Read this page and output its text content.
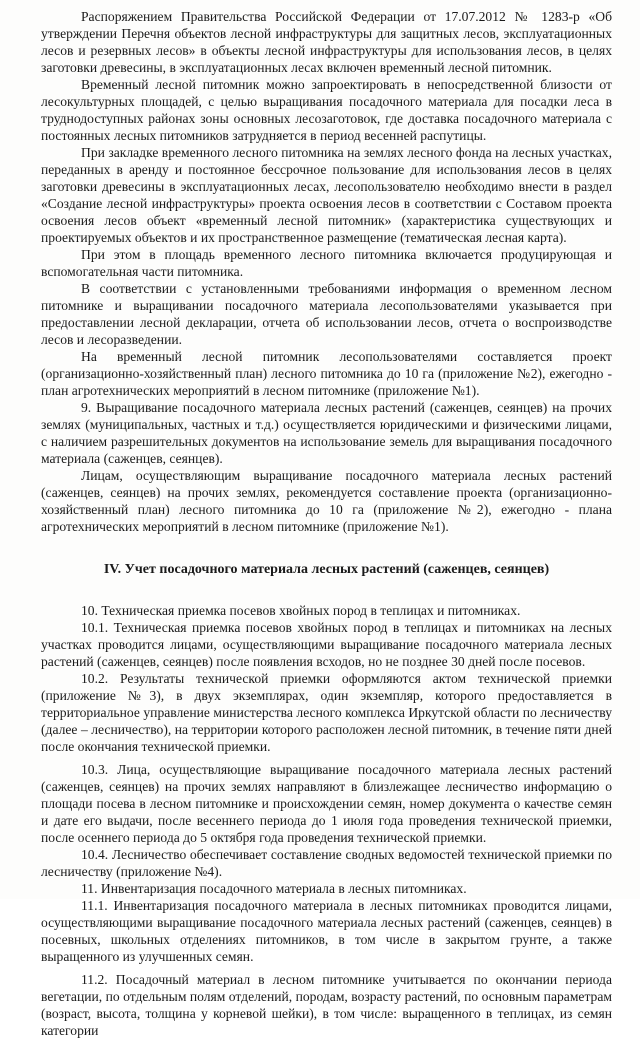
Распоряжением Правительства Российской Федерации от 17.07.2012 № 1283-р «Об утверждении Перечня объектов лесной инфраструктуры для защитных лесов, эксплуатационных лесов и резервных лесов» в объекты лесной инфраструктуры для использования лесов, в целях заготовки древесины, в эксплуатационных лесах включен временный лесной питомник.

Временный лесной питомник можно запроектировать в непосредственной близости от лесокультурных площадей, с целью выращивания посадочного материала для посадки леса в труднодоступных районах зоны основных лесозаготовок, где доставка посадочного материала с постоянных лесных питомников затрудняется в период весенней распутицы.

При закладке временного лесного питомника на землях лесного фонда на лесных участках, переданных в аренду и постоянное бессрочное пользование для использования лесов в целях заготовки древесины в эксплуатационных лесах, лесопользователю необходимо внести в раздел «Создание лесной инфраструктуры» проекта освоения лесов в соответствии с Составом проекта освоения лесов объект «временный лесной питомник» (характеристика существующих и проектируемых объектов и их пространственное размещение (тематическая лесная карта).

При этом в площадь временного лесного питомника включается продуцирующая и вспомогательная части питомника.

В соответствии с установленными требованиями информация о временном лесном питомнике и выращивании посадочного материала лесопользователями указывается при предоставлении лесной декларации, отчета об использовании лесов, отчета о воспроизводстве лесов и лесоразведении.

На временный лесной питомник лесопользователями составляется проект (организационно-хозяйственный план) лесного питомника до 10 га (приложение №2), ежегодно - план агротехнических мероприятий в лесном питомнике (приложение №1).

9. Выращивание посадочного материала лесных растений (саженцев, сеянцев) на прочих землях (муниципальных, частных и т.д.) осуществляется юридическими и физическими лицами, с наличием разрешительных документов на использование земель для выращивания посадочного материала (саженцев, сеянцев).

Лицам, осуществляющим выращивание посадочного материала лесных растений (саженцев, сеянцев) на прочих землях, рекомендуется составление проекта (организационно-хозяйственный план) лесного питомника до 10 га (приложение №2), ежегодно - плана агротехнических мероприятий в лесном питомнике (приложение №1).

IV. Учет посадочного материала лесных растений (саженцев, сеянцев)

10. Техническая приемка посевов хвойных пород в теплицах и питомниках.

10.1. Техническая приемка посевов хвойных пород в теплицах и питомниках на лесных участках проводится лицами, осуществляющими выращивание посадочного материала лесных растений (саженцев, сеянцев) после появления всходов, но не позднее 30 дней после посевов.

10.2. Результаты технической приемки оформляются актом технической приемки (приложение №3), в двух экземплярах, один экземпляр, которого предоставляется в территориальное управление министерства лесного комплекса Иркутской области по лесничеству (далее – лесничество), на территории которого расположен лесной питомник, в течение пяти дней после окончания технической приемки.

10.3. Лица, осуществляющие выращивание посадочного материала лесных растений (саженцев, сеянцев) на прочих землях направляют в близлежащее лесничество информацию о площади посева в лесном питомнике и происхождении семян, номер документа о качестве семян и дате его выдачи, после весеннего периода до 1 июля года проведения технической приемки, после осеннего периода до 5 октября года проведения технической приемки.

10.4. Лесничество обеспечивает составление сводных ведомостей технической приемки по лесничеству (приложение №4).

11. Инвентаризация посадочного материала в лесных питомниках.

11.1. Инвентаризация посадочного материала в лесных питомниках проводится лицами, осуществляющими выращивание посадочного материала лесных растений (саженцев, сеянцев) в посевных, школьных отделениях питомников, в том числе в закрытом грунте, а также выращенного из улучшенных семян.

11.2. Посадочный материал в лесном питомнике учитывается по окончании периода вегетации, по отдельным полям отделений, породам, возрасту растений, по основным параметрам (возраст, высота, толщина у корневой шейки), в том числе: выращенного в теплицах, из семян категории
